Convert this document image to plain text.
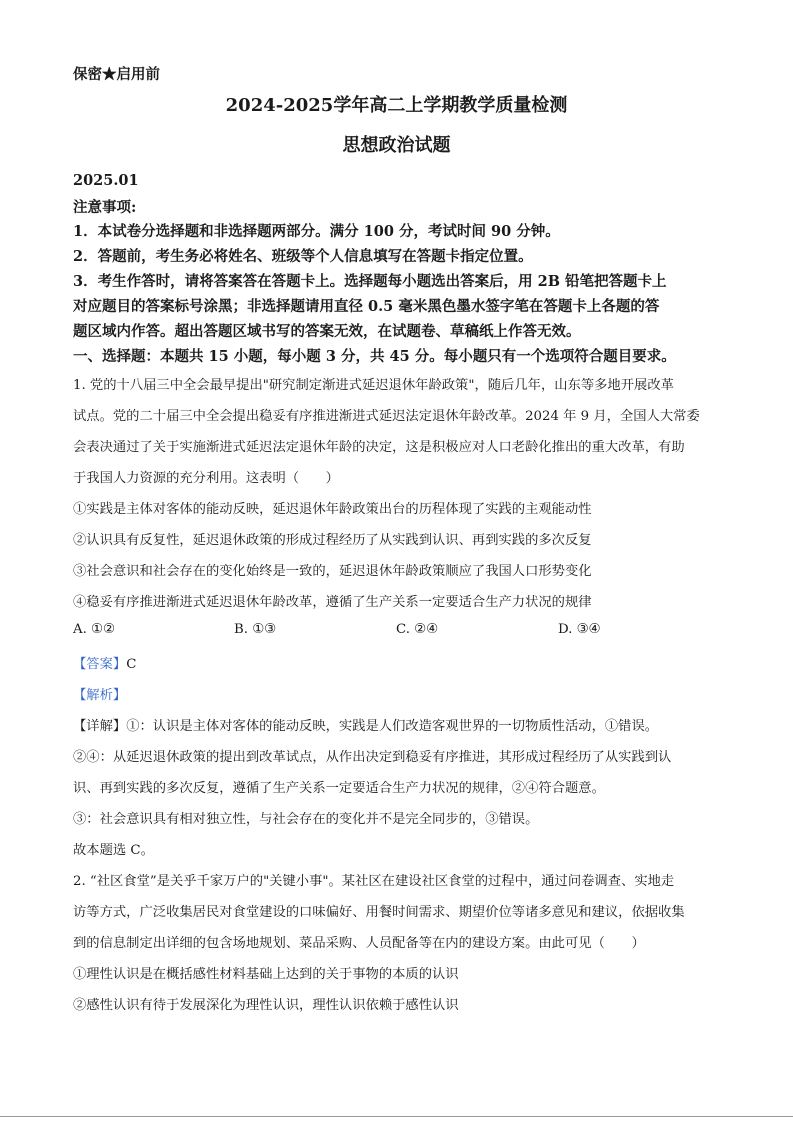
保密★启用前
2024-2025学年高二上学期教学质量检测
思想政治试题
2025.01
注意事项:
1．本试卷分选择题和非选择题两部分。满分 100 分，考试时间 90 分钟。
2．答题前，考生务必将姓名、班级等个人信息填写在答题卡指定位置。
3．考生作答时，请将答案答在答题卡上。选择题每小题选出答案后，用 2B 铅笔把答题卡上
对应题目的答案标号涂黑；非选择题请用直径 0.5 毫米黑色墨水签字笔在答题卡上各题的答
题区域内作答。超出答题区域书写的答案无效，在试题卷、草稿纸上作答无效。
一、选择题：本题共 15 小题，每小题 3 分，共 45 分。每小题只有一个选项符合题目要求。
1. 党的十八届三中全会最早提出"研究制定渐进式延迟退休年龄政策"，随后几年，山东等多地开展改革
试点。党的二十届三中全会提出稳妥有序推进渐进式延迟法定退休年龄改革。2024 年 9 月，全国人大常委
会表决通过了关于实施渐进式延迟法定退休年龄的决定，这是积极应对人口老龄化推出的重大改革，有助
于我国人力资源的充分利用。这表明（　　）
①实践是主体对客体的能动反映，延迟退休年龄政策出台的历程体现了实践的主观能动性
②认识具有反复性，延迟退休政策的形成过程经历了从实践到认识、再到实践的多次反复
③社会意识和社会存在的变化始终是一致的，延迟退休年龄政策顺应了我国人口形势变化
④稳妥有序推进渐进式延迟退休年龄改革，遵循了生产关系一定要适合生产力状况的规律
A. ①②	B. ①③	C. ②④	D. ③④
【答案】C
【解析】
【详解】①：认识是主体对客体的能动反映，实践是人们改造客观世界的一切物质性活动，①错误。
②④：从延迟退休政策的提出到改革试点，从作出决定到稳妥有序推进，其形成过程经历了从实践到认
识、再到实践的多次反复，遵循了生产关系一定要适合生产力状况的规律，②④符合题意。
③：社会意识具有相对独立性，与社会存在的变化并不是完全同步的，③错误。
故本题选 C。
2. “社区食堂”是关乎千家万户的"关键小事"。某社区在建设社区食堂的过程中，通过问卷调查、实地走
访等方式，广泛收集居民对食堂建设的口味偏好、用餐时间需求、期望价位等诸多意见和建议，依据收集
到的信息制定出详细的包含场地规划、菜品采购、人员配备等在内的建设方案。由此可见（　　）
①理性认识是在概括感性材料基础上达到的关于事物的本质的认识
②感性认识有待于发展深化为理性认识，理性认识依赖于感性认识
